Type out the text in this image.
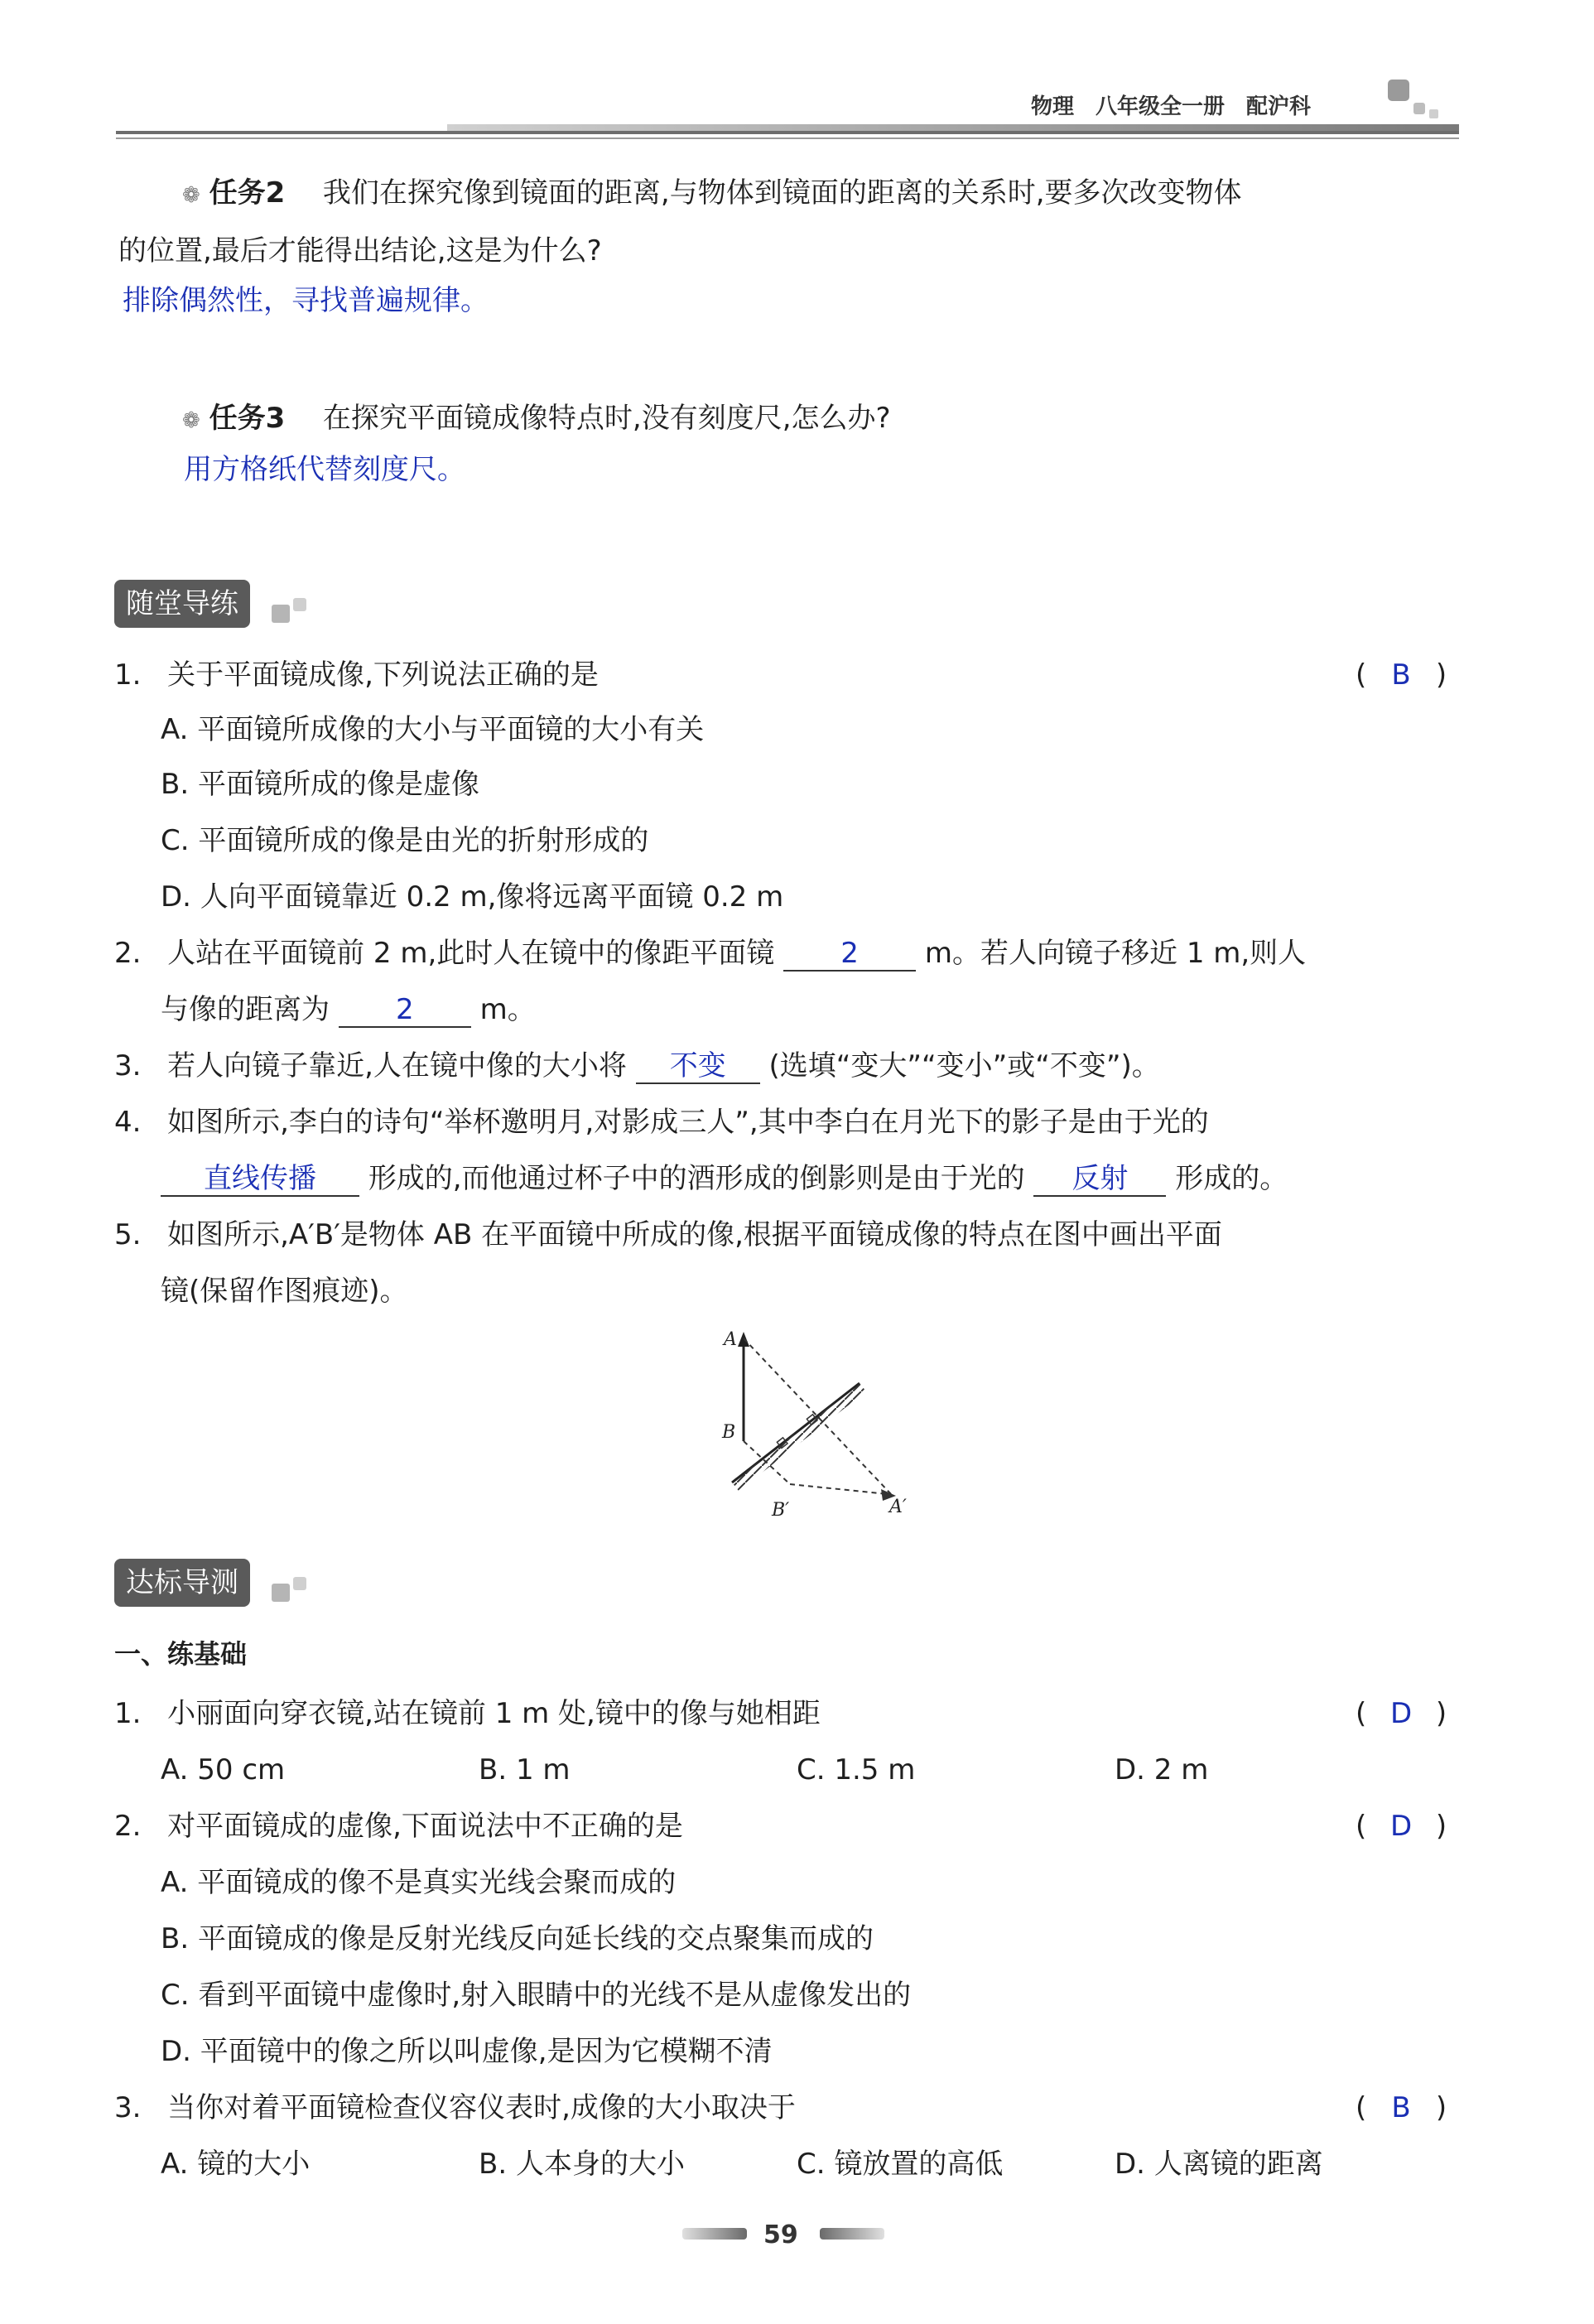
物理　八年级全一册　配沪科
❁ 任务2 我们在探究像到镜面的距离,与物体到镜面的距离的关系时,要多次改变物体
的位置,最后才能得出结论,这是为什么?
排除偶然性，寻找普遍规律。
❁ 任务3 在探究平面镜成像特点时,没有刻度尺,怎么办?
用方格纸代替刻度尺。
随堂导练
1. 关于平面镜成像,下列说法正确的是	( B )
A. 平面镜所成像的大小与平面镜的大小有关
B. 平面镜所成的像是虚像
C. 平面镜所成的像是由光的折射形成的
D. 人向平面镜靠近 0.2 m,像将远离平面镜 0.2 m
2. 人站在平面镜前 2 m,此时人在镜中的像距平面镜 2 m。若人向镜子移近 1 m,则人
与像的距离为 2 m。
3. 若人向镜子靠近,人在镜中像的大小将 不变 (选填“变大”“变小”或“不变”)。
4. 如图所示,李白的诗句“举杯邀明月,对影成三人”,其中李白在月光下的影子是由于光的
直线传播 形成的,而他通过杯子中的酒形成的倒影则是由于光的 反射 形成的。
5. 如图所示,A′B′是物体 AB 在平面镜中所成的像,根据平面镜成像的特点在图中画出平面
镜(保留作图痕迹)。
A
B
B′	A′
达标导测
一、练基础
1. 小丽面向穿衣镜,站在镜前 1 m 处,镜中的像与她相距	( D )
A. 50 cm	B. 1 m	C. 1.5 m	D. 2 m
2. 对平面镜成的虚像,下面说法中不正确的是	( D )
A. 平面镜成的像不是真实光线会聚而成的
B. 平面镜成的像是反射光线反向延长线的交点聚集而成的
C. 看到平面镜中虚像时,射入眼睛中的光线不是从虚像发出的
D. 平面镜中的像之所以叫虚像,是因为它模糊不清
3. 当你对着平面镜检查仪容仪表时,成像的大小取决于	( B )
A. 镜的大小	B. 人本身的大小	C. 镜放置的高低	D. 人离镜的距离
59
